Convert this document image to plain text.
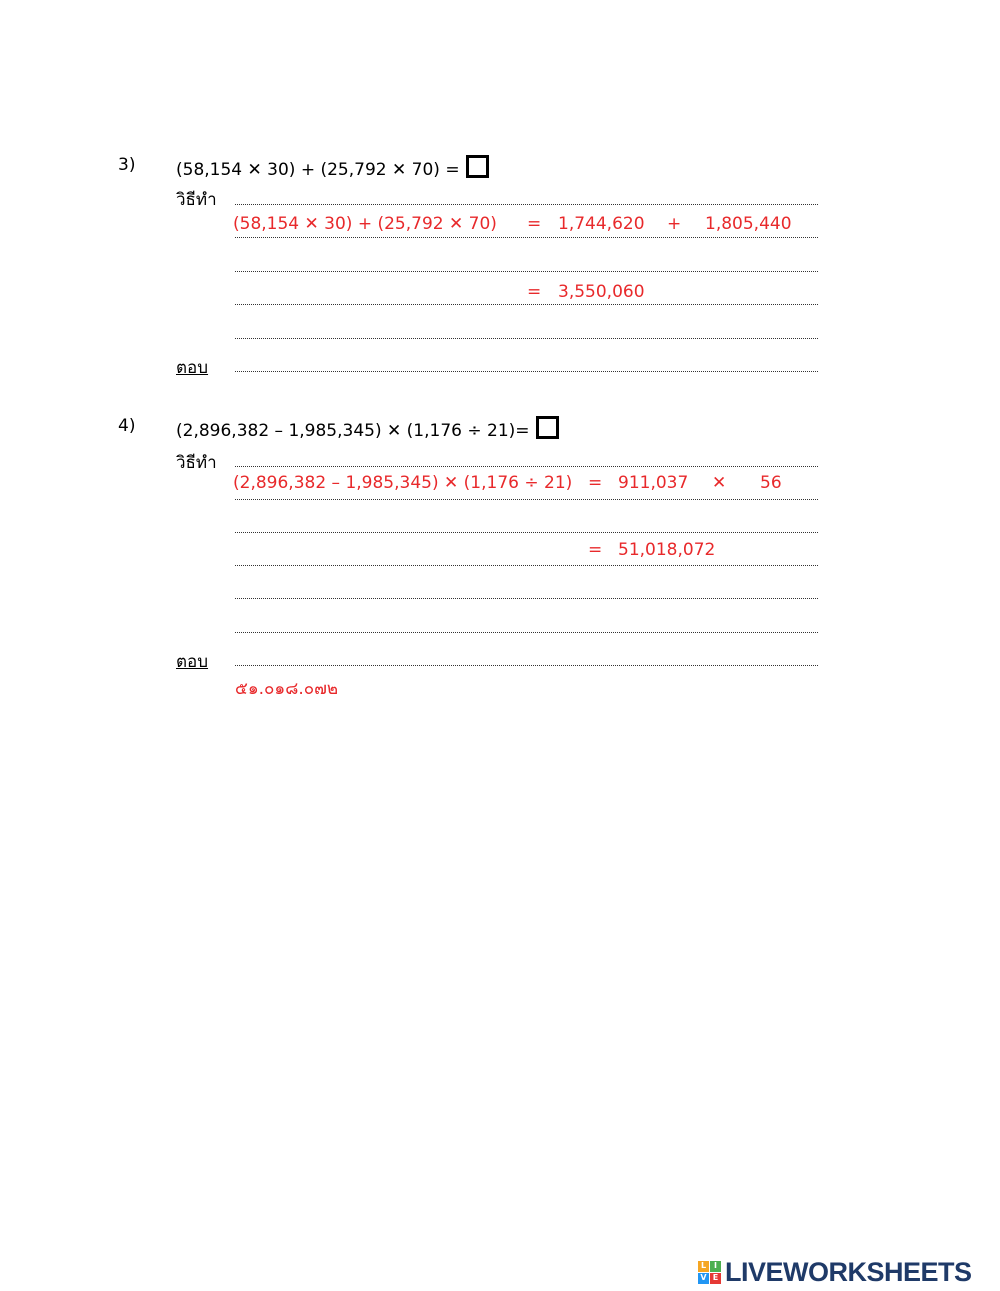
3) (58,154 ✕ 30) + (25,792 ✕ 70) =
วิธีทำ
(58,154 ✕ 30) + (25,792 ✕ 70) = 1,744,620 + 1,805,440
= 3,550,060
ตอบ
4) (2,896,382 – 1,985,345) ✕ (1,176 ÷ 21)=
วิธีทำ
(2,896,382 – 1,985,345) ✕ (1,176 ÷ 21) = 911,037 ✕ 56
= 51,018,072
ตอบ
๕๑.๐๑๘.๐๗๒
L I
V E LIVEWORKSHEETS
